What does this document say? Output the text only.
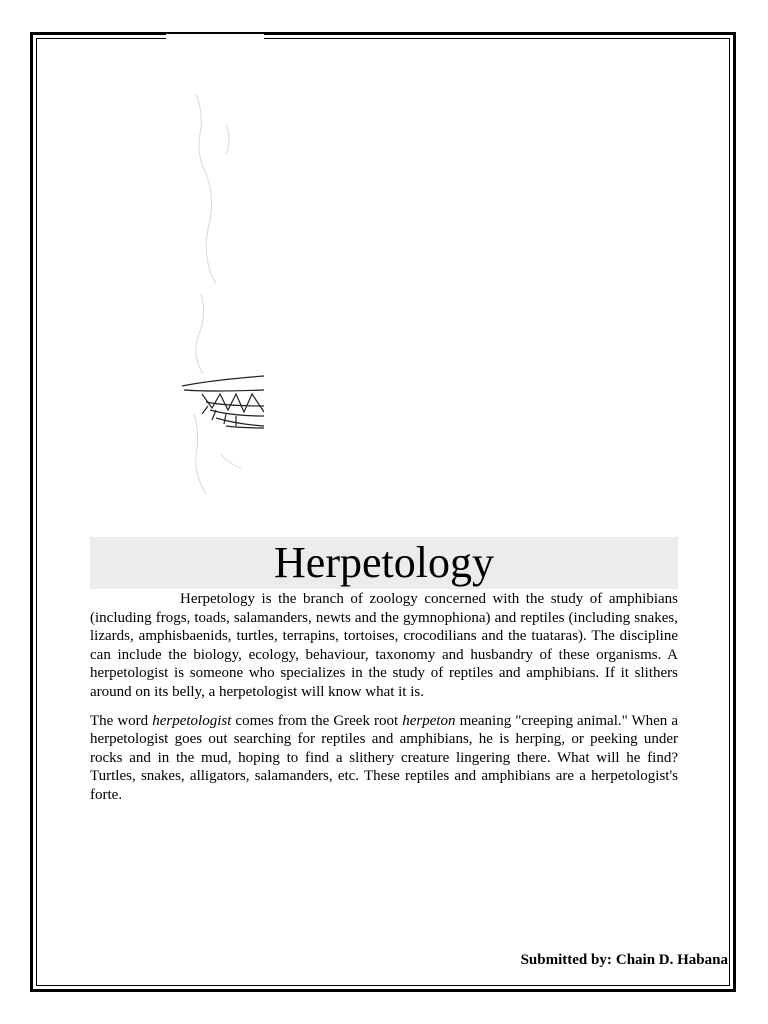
Herpetology

Herpetology is the branch of zoology concerned with the study of amphibians (including frogs, toads, salamanders, newts and the gymnophiona) and reptiles (including snakes, lizards, amphisbaenids, turtles, terrapins, tortoises, crocodilians and the tuataras). The discipline can include the biology, ecology, behaviour, taxonomy and husbandry of these organisms. A herpetologist is someone who specializes in the study of reptiles and amphibians. If it slithers around on its belly, a herpetologist will know what it is.

The word herpetologist comes from the Greek root herpeton meaning "creeping animal." When a herpetologist goes out searching for reptiles and amphibians, he is herping, or peeking under rocks and in the mud, hoping to find a slithery creature lingering there. What will he find? Turtles, snakes, alligators, salamanders, etc. These reptiles and amphibians are a herpetologist's forte.

Submitted by: Chain D. Habana
